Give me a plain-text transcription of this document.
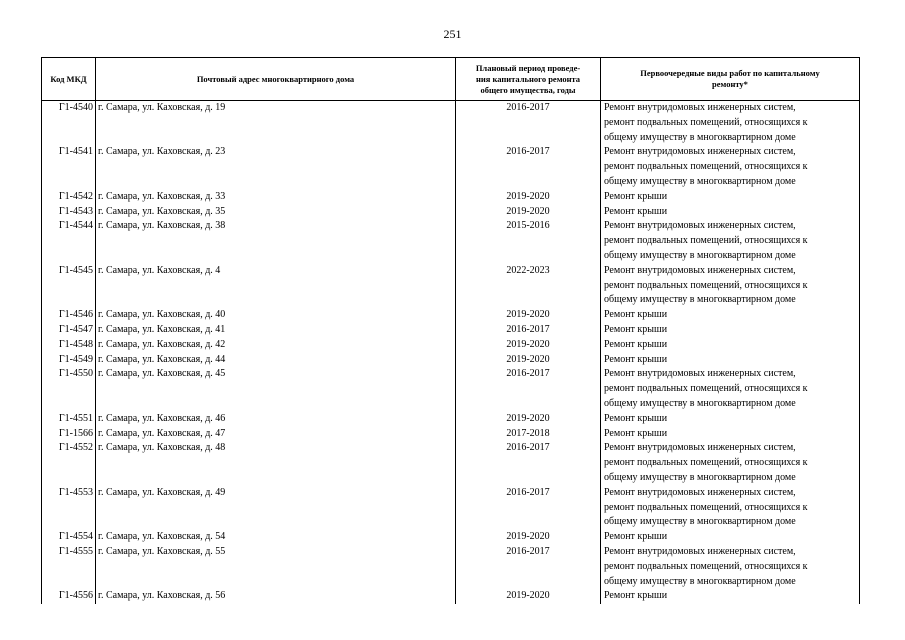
251
Код МКД	Почтовый адрес многоквартирного дома	Плановый период проведе-
ния капитального ремонта
общего имущества, годы	Первоочередные виды работ по капитальному
ремонту*

Г1-4540	г. Самара, ул. Каховская, д. 19	2016-2017	Ремонт внутридомовых инженерных систем,
ремонт подвальных помещений, относящихся к
общему имуществу в многоквартирном доме

Г1-4541	г. Самара, ул. Каховская, д. 23	2016-2017	Ремонт внутридомовых инженерных систем,
ремонт подвальных помещений, относящихся к
общему имуществу в многоквартирном доме

Г1-4542	г. Самара, ул. Каховская, д. 33	2019-2020	Ремонт крыши

Г1-4543	г. Самара, ул. Каховская, д. 35	2019-2020	Ремонт крыши

Г1-4544	г. Самара, ул. Каховская, д. 38	2015-2016	Ремонт внутридомовых инженерных систем,
ремонт подвальных помещений, относящихся к
общему имуществу в многоквартирном доме

Г1-4545	г. Самара, ул. Каховская, д. 4	2022-2023	Ремонт внутридомовых инженерных систем,
ремонт подвальных помещений, относящихся к
общему имуществу в многоквартирном доме

Г1-4546	г. Самара, ул. Каховская, д. 40	2019-2020	Ремонт крыши

Г1-4547	г. Самара, ул. Каховская, д. 41	2016-2017	Ремонт крыши

Г1-4548	г. Самара, ул. Каховская, д. 42	2019-2020	Ремонт крыши

Г1-4549	г. Самара, ул. Каховская, д. 44	2019-2020	Ремонт крыши

Г1-4550	г. Самара, ул. Каховская, д. 45	2016-2017	Ремонт внутридомовых инженерных систем,
ремонт подвальных помещений, относящихся к
общему имуществу в многоквартирном доме

Г1-4551	г. Самара, ул. Каховская, д. 46	2019-2020	Ремонт крыши

Г1-1566	г. Самара, ул. Каховская, д. 47	2017-2018	Ремонт крыши

Г1-4552	г. Самара, ул. Каховская, д. 48	2016-2017	Ремонт внутридомовых инженерных систем,
ремонт подвальных помещений, относящихся к
общему имуществу в многоквартирном доме

Г1-4553	г. Самара, ул. Каховская, д. 49	2016-2017	Ремонт внутридомовых инженерных систем,
ремонт подвальных помещений, относящихся к
общему имуществу в многоквартирном доме

Г1-4554	г. Самара, ул. Каховская, д. 54	2019-2020	Ремонт крыши

Г1-4555	г. Самара, ул. Каховская, д. 55	2016-2017	Ремонт внутридомовых инженерных систем,
ремонт подвальных помещений, относящихся к
общему имуществу в многоквартирном доме

Г1-4556	г. Самара, ул. Каховская, д. 56	2019-2020	Ремонт крыши
